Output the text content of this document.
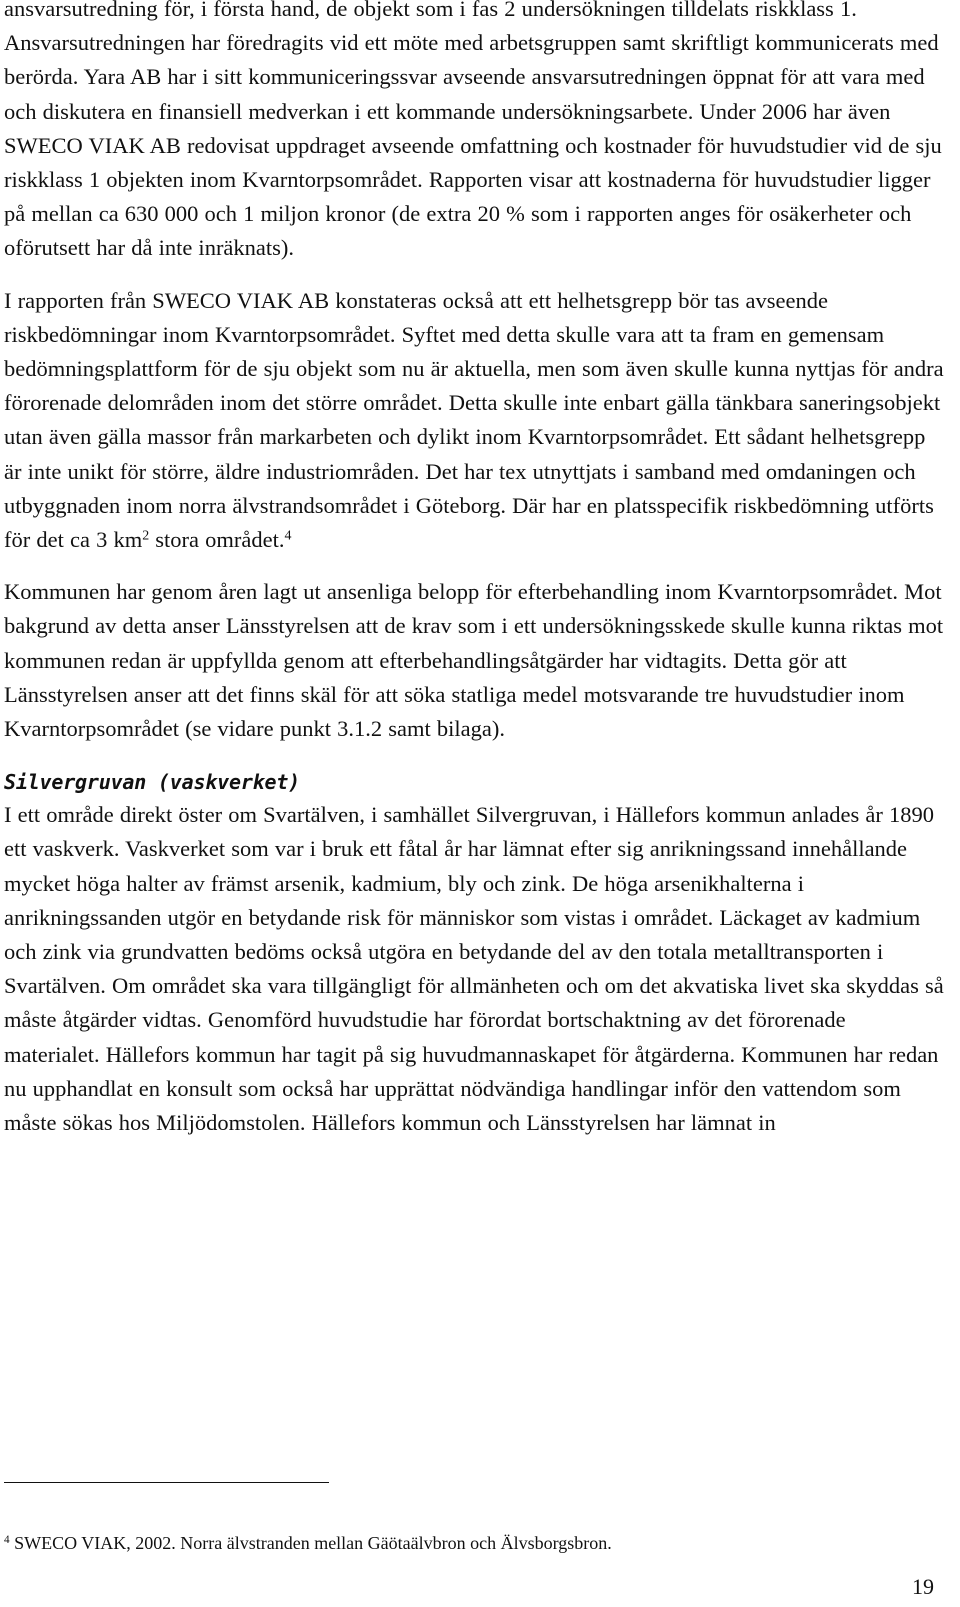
ansvarsutredning för, i första hand, de objekt som i fas 2 undersökningen tilldelats riskklass 1. Ansvarsutredningen har föredragits vid ett möte med arbetsgruppen samt skriftligt kommunicerats med berörda. Yara AB har i sitt kommuniceringssvar avseende ansvarsutredningen öppnat för att vara med och diskutera en finansiell medverkan i ett kommande undersökningsarbete. Under 2006 har även SWECO VIAK AB redovisat uppdraget avseende omfattning och kostnader för huvudstudier vid de sju riskklass 1 objekten inom Kvarntorpsområdet. Rapporten visar att kostnaderna för huvudstudier ligger på mellan ca 630 000 och 1 miljon kronor (de extra 20 % som i rapporten anges för osäkerheter och oförutsett har då inte inräknats).

I rapporten från SWECO VIAK AB konstateras också att ett helhetsgrepp bör tas avseende riskbedömningar inom Kvarntorpsområdet. Syftet med detta skulle vara att ta fram en gemensam bedömningsplattform för de sju objekt som nu är aktuella, men som även skulle kunna nyttjas för andra förorenade delområden inom det större området. Detta skulle inte enbart gälla tänkbara saneringsobjekt utan även gälla massor från markarbeten och dylikt inom Kvarntorpsområdet. Ett sådant helhetsgrepp är inte unikt för större, äldre industriområden. Det har tex utnyttjats i samband med omdaningen och utbyggnaden inom norra älvstrandsområdet i Göteborg. Där har en platsspecifik riskbedömning utförts för det ca 3 $km^2$ stora området.$^4$

Kommunen har genom åren lagt ut ansenliga belopp för efterbehandling inom Kvarntorpsområdet. Mot bakgrund av detta anser Länsstyrelsen att de krav som i ett undersökningsskede skulle kunna riktas mot kommunen redan är uppfyllda genom att efterbehandlingsåtgärder har vidtagits. Detta gör att Länsstyrelsen anser att det finns skäl för att söka statliga medel motsvarande tre huvudstudier inom Kvarntorpsområdet (se vidare punkt 3.1.2 samt bilaga).

Silvergruvan (vaskverket)

I ett område direkt öster om Svartälven, i samhället Silvergruvan, i Hällefors kommun anlades år 1890 ett vaskverk. Vaskverket som var i bruk ett fåtal år har lämnat efter sig anrikningssand innehållande mycket höga halter av främst arsenik, kadmium, bly och zink. De höga arsenikhalterna i anrikningssanden utgör en betydande risk för människor som vistas i området. Läckaget av kadmium och zink via grundvatten bedöms också utgöra en betydande del av den totala metalltransporten i Svartälven. Om området ska vara tillgängligt för allmänheten och om det akvatiska livet ska skyddas så måste åtgärder vidtas. Genomförd huvudstudie har förordat bortschaktning av det förorenade materialet. Hällefors kommun har tagit på sig huvudmannaskapet för åtgärderna. Kommunen har redan nu upphandlat en konsult som också har upprättat nödvändiga handlingar inför den vattendom som måste sökas hos Miljödomstolen. Hällefors kommun och Länsstyrelsen har lämnat in

$^4$ SWECO VIAK, 2002. Norra älvstranden mellan Gäötaälvbron och Älvsborgsbron.

19
